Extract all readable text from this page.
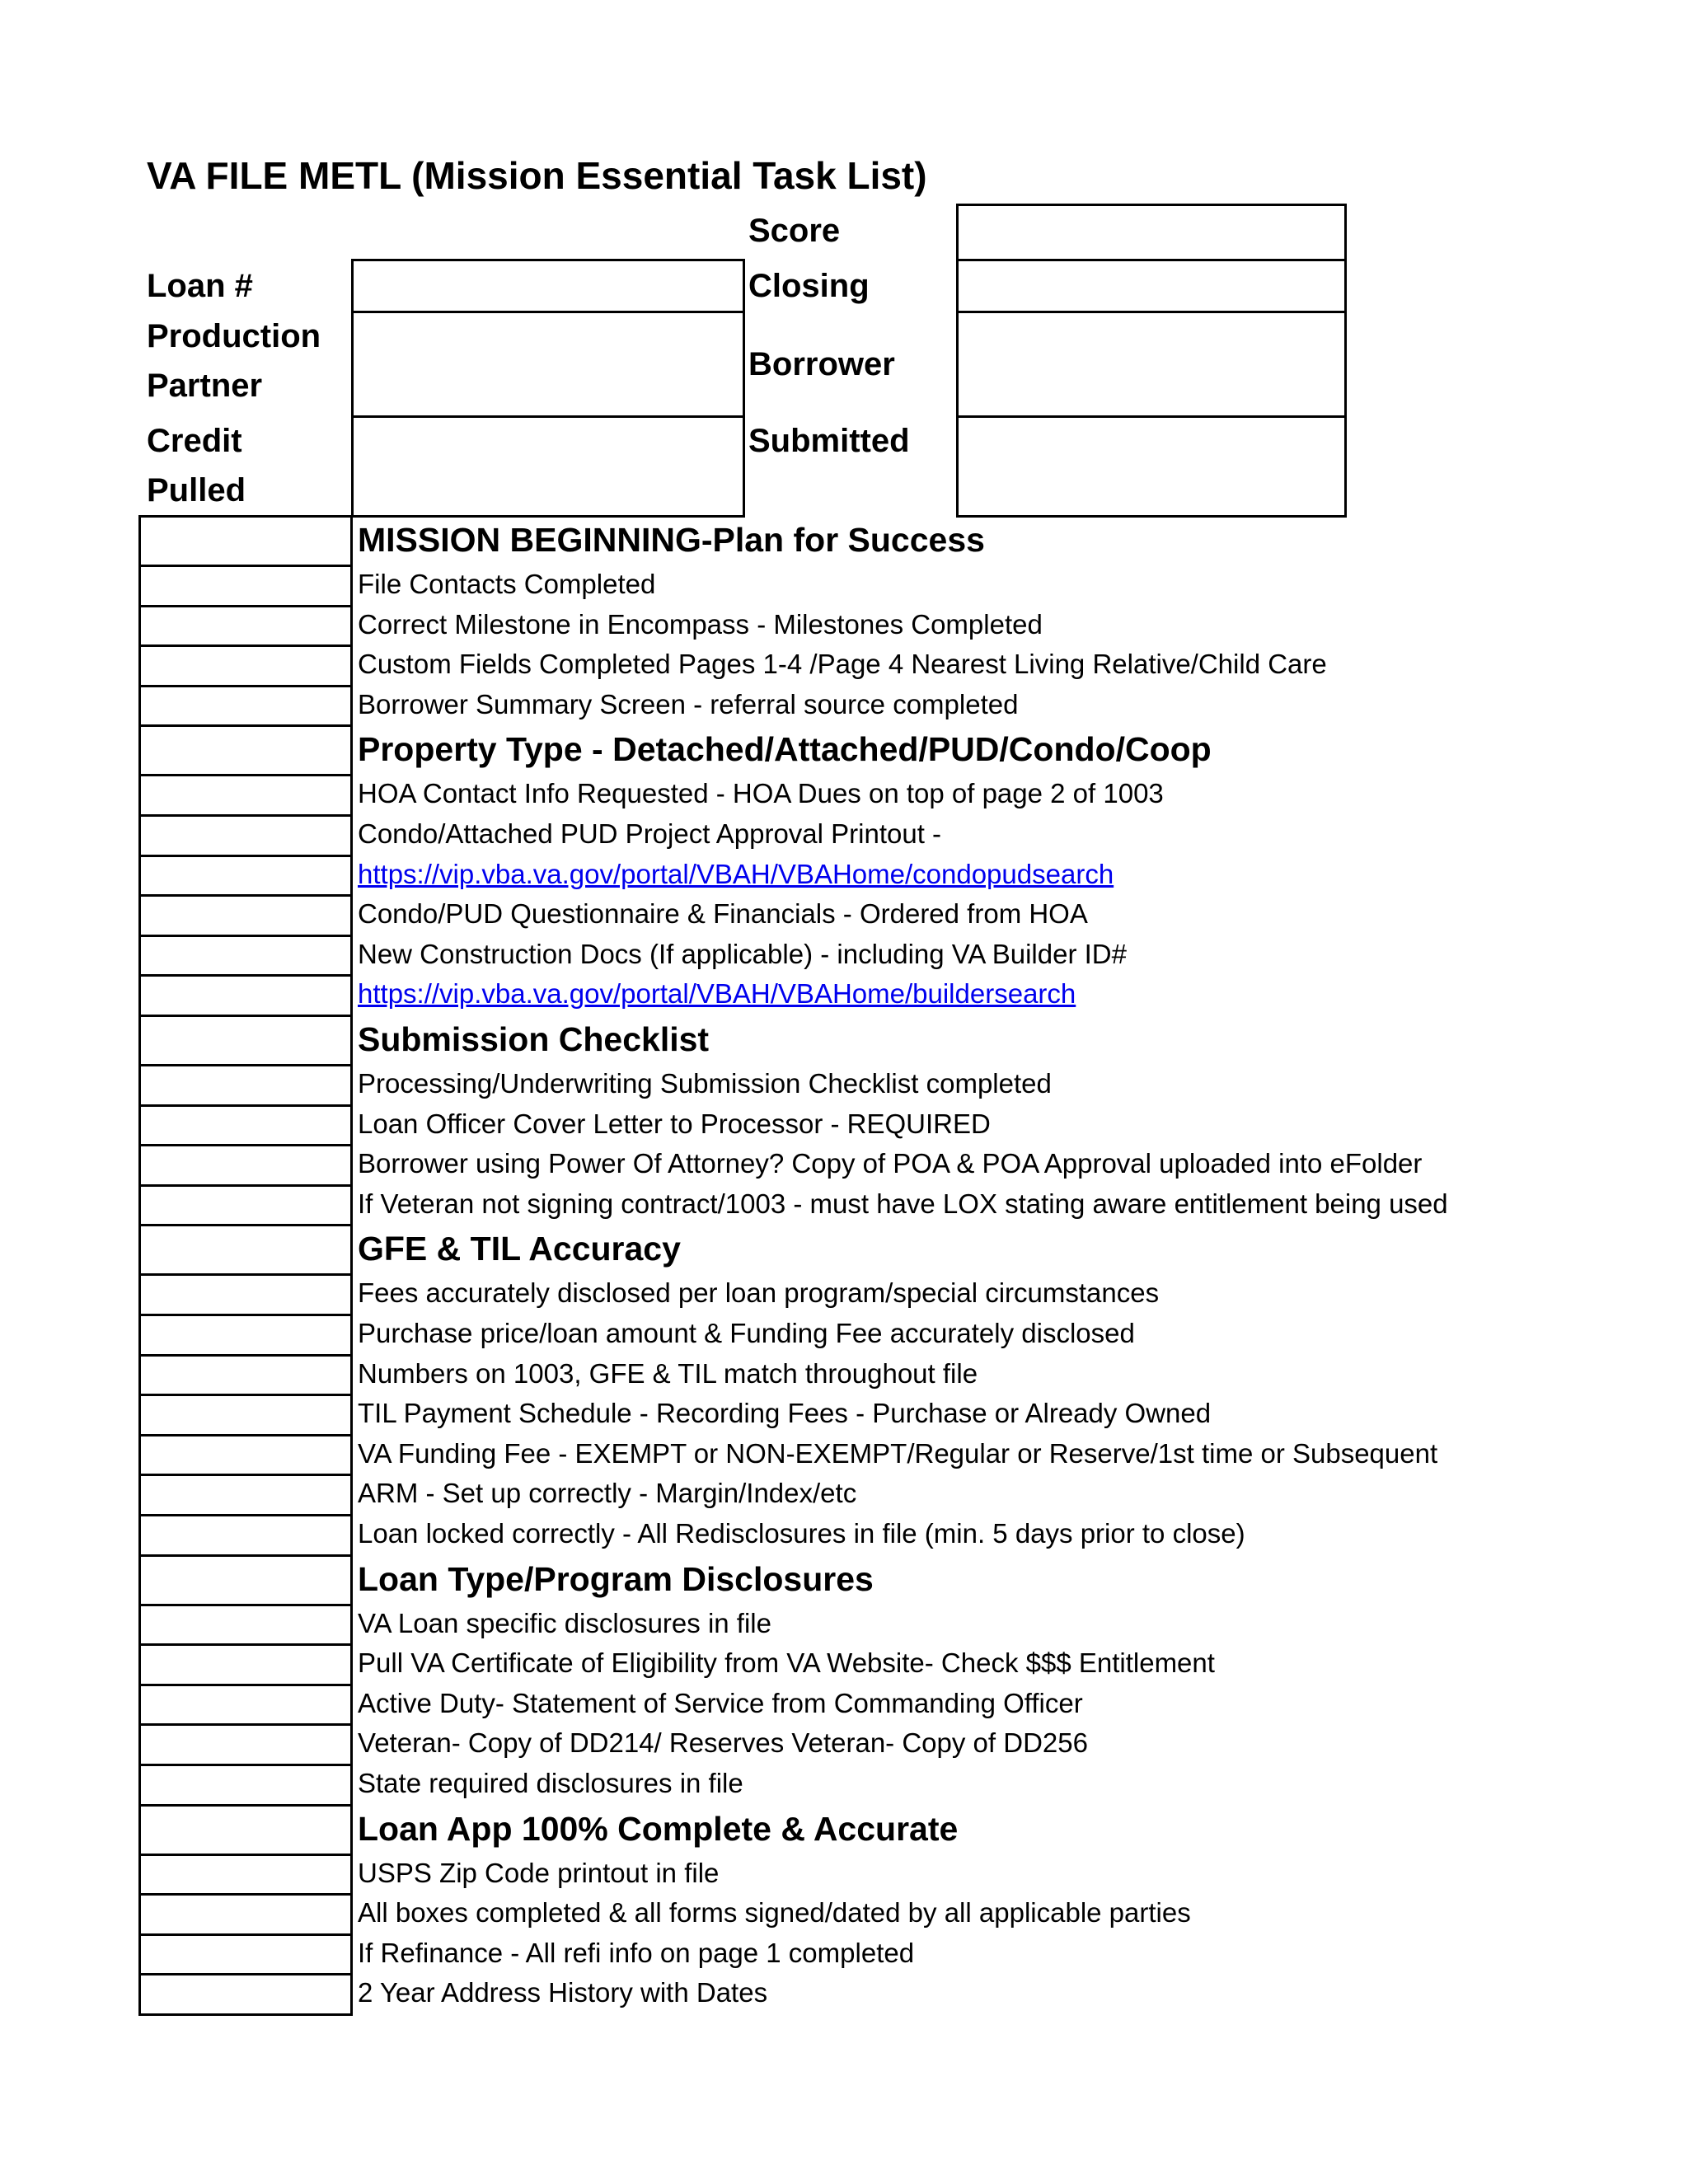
VA FILE METL (Mission Essential Task List)
Loan #
Production
Partner
Credit
Pulled
Score
Closing
Borrower
Submitted
MISSION BEGINNING-Plan for Success
File Contacts Completed
Correct Milestone in Encompass - Milestones Completed
Custom Fields Completed Pages 1-4 /Page 4 Nearest Living Relative/Child Care
Borrower Summary Screen - referral source completed
Property Type - Detached/Attached/PUD/Condo/Coop
HOA Contact Info Requested - HOA Dues on top of page 2 of 1003
Condo/Attached PUD Project Approval Printout -
https://vip.vba.va.gov/portal/VBAH/VBAHome/condopudsearch
Condo/PUD Questionnaire & Financials - Ordered from HOA
New Construction Docs (If applicable) - including VA Builder ID#
https://vip.vba.va.gov/portal/VBAH/VBAHome/buildersearch
Submission Checklist
Processing/Underwriting Submission Checklist completed
Loan Officer Cover Letter to Processor - REQUIRED
Borrower using Power Of Attorney? Copy of POA & POA Approval uploaded into eFolder
If Veteran not signing contract/1003 - must have LOX stating aware entitlement being used
GFE & TIL Accuracy
Fees accurately disclosed per loan program/special circumstances
Purchase price/loan amount & Funding Fee accurately disclosed
Numbers on 1003, GFE & TIL match throughout file
TIL Payment Schedule - Recording Fees - Purchase or Already Owned
VA Funding Fee - EXEMPT or NON-EXEMPT/Regular or Reserve/1st time or Subsequent
ARM - Set up correctly - Margin/Index/etc
Loan locked correctly - All Redisclosures in file (min. 5 days prior to close)
Loan Type/Program Disclosures
VA Loan specific disclosures in file
Pull VA Certificate of Eligibility from VA Website- Check $$$ Entitlement
Active Duty- Statement of Service from Commanding Officer
Veteran- Copy of DD214/ Reserves Veteran- Copy of DD256
State required disclosures in file
Loan App 100% Complete & Accurate
USPS Zip Code printout in file
All boxes completed & all forms signed/dated by all applicable parties
If Refinance - All refi info on page 1 completed
2 Year Address History with Dates
